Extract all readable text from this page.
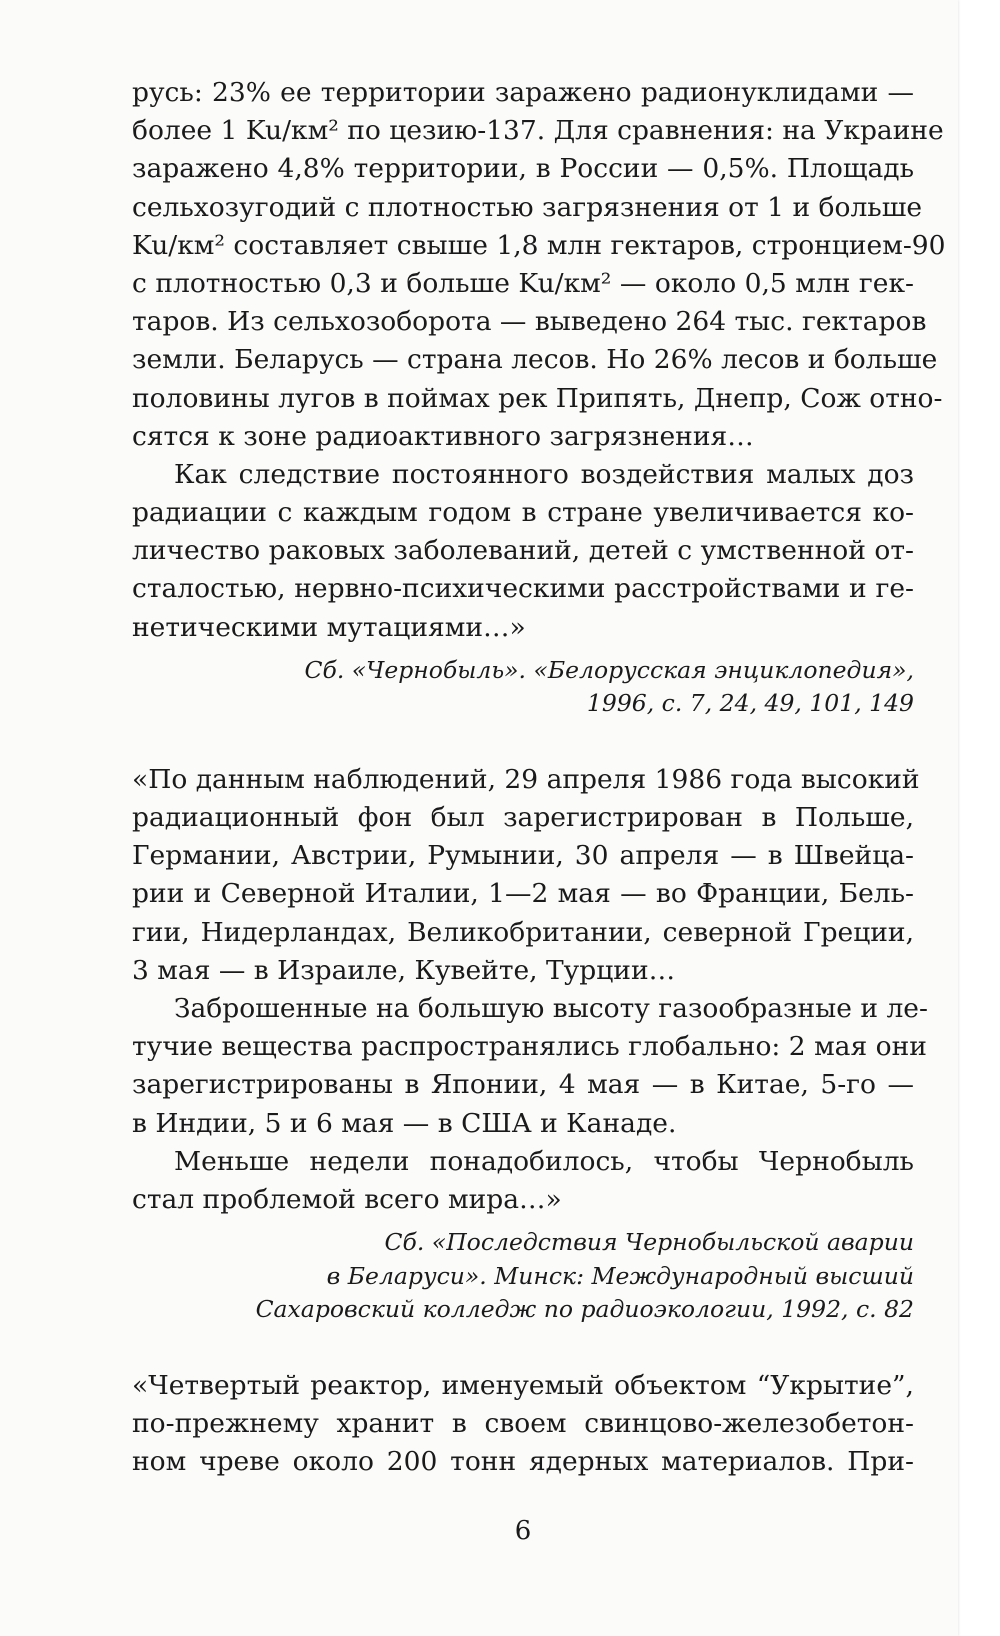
русь: 23% ее территории заражено радионуклидами —
более 1 Ku/км² по цезию-137. Для сравнения: на Украине
заражено 4,8% территории, в России — 0,5%. Площадь
сельхозугодий с плотностью загрязнения от 1 и больше
Ku/км² составляет свыше 1,8 млн гектаров, стронцием-90
с плотностью 0,3 и больше Ku/км² — около 0,5 млн гек-
таров. Из сельхозоборота — выведено 264 тыс. гектаров
земли. Беларусь — страна лесов. Но 26% лесов и больше
половины лугов в поймах рек Припять, Днепр, Сож отно-
сятся к зоне радиоактивного загрязнения…
Как следствие постоянного воздействия малых доз
радиации с каждым годом в стране увеличивается ко-
личество раковых заболеваний, детей с умственной от-
сталостью, нервно-психическими расстройствами и ге-
нетическими мутациями…»
Сб. «Чернобыль». «Белорусская энциклопедия»,
1996, с. 7, 24, 49, 101, 149
«По данным наблюдений, 29 апреля 1986 года высокий
радиационный фон был зарегистрирован в Польше,
Германии, Австрии, Румынии, 30 апреля — в Швейца-
рии и Северной Италии, 1—2 мая — во Франции, Бель-
гии, Нидерландах, Великобритании, северной Греции,
3 мая — в Израиле, Кувейте, Турции…
Заброшенные на большую высоту газообразные и ле-
тучие вещества распространялись глобально: 2 мая они
зарегистрированы в Японии, 4 мая — в Китае, 5-го —
в Индии, 5 и 6 мая — в США и Канаде.
Меньше недели понадобилось, чтобы Чернобыль
стал проблемой всего мира…»
Сб. «Последствия Чернобыльской аварии
в Беларуси». Минск: Международный высший
Сахаровский колледж по радиоэкологии, 1992, с. 82
«Четвертый реактор, именуемый объектом “Укрытие”,
по-прежнему хранит в своем свинцово-железобетон-
ном чреве около 200 тонн ядерных материалов. При-
6
